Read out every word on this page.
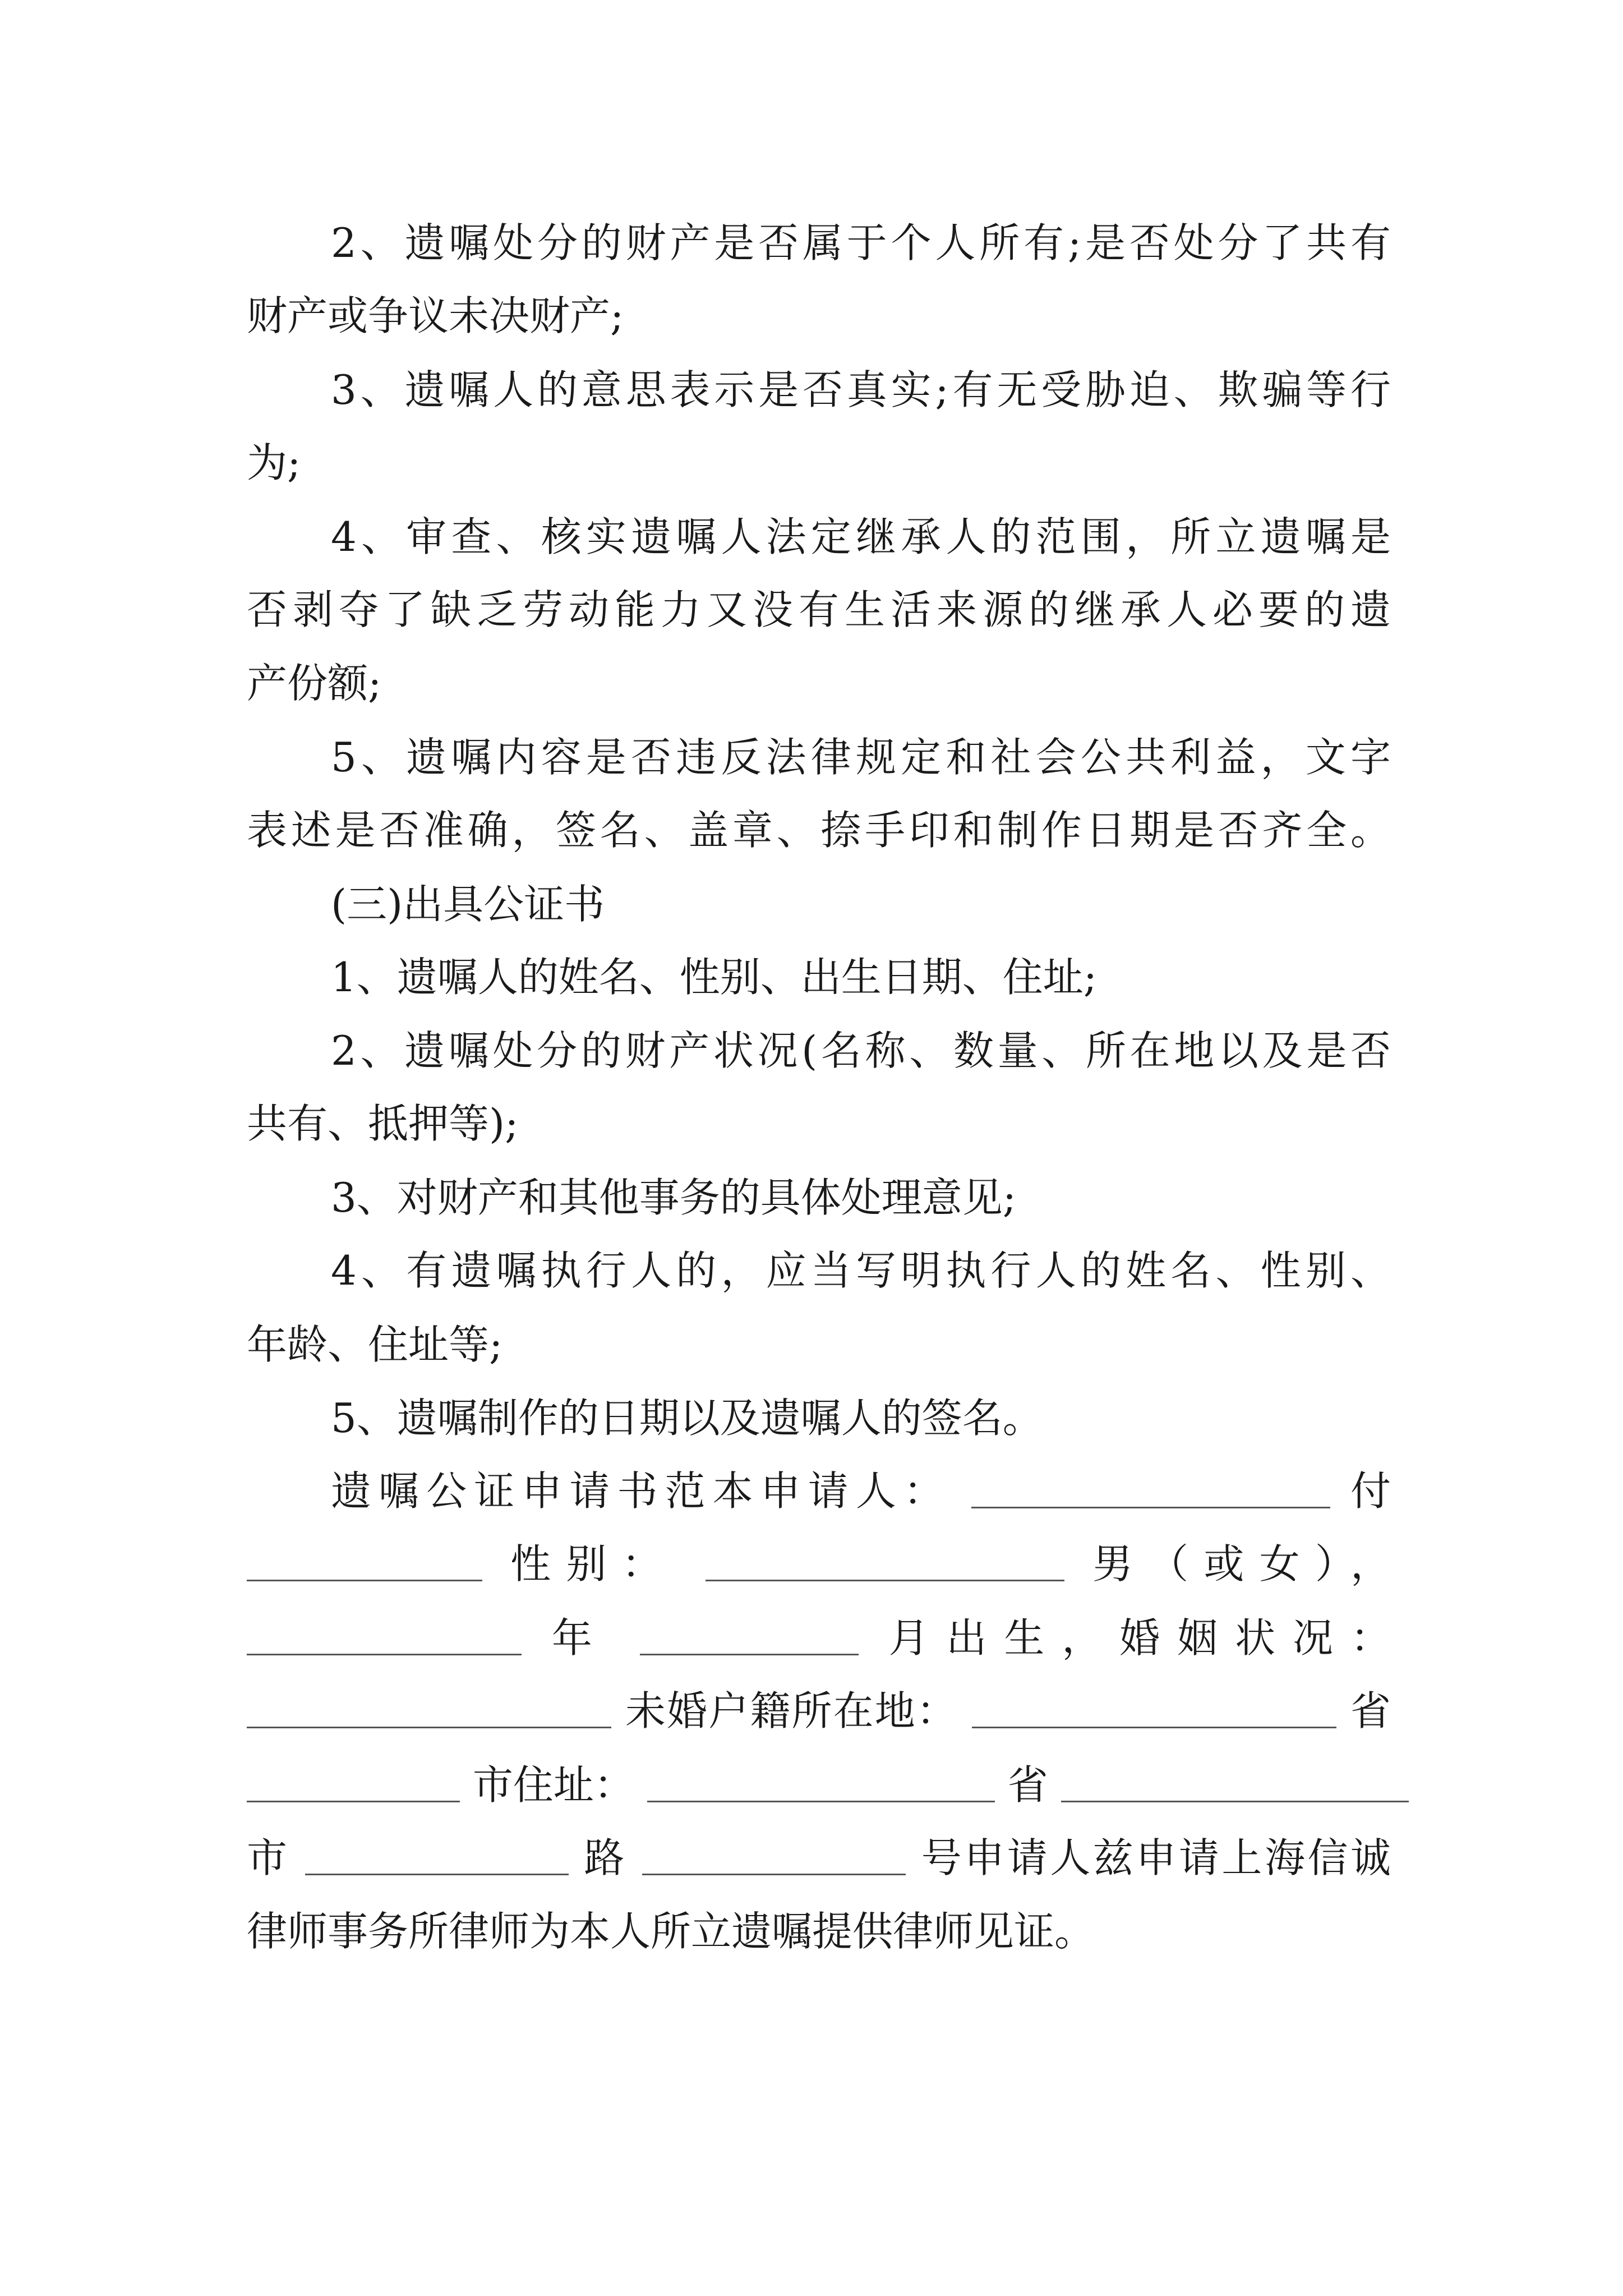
2、遗嘱处分的财产是否属于个人所有;是否处分了共有
财产或争议未决财产;
3、遗嘱人的意思表示是否真实;有无受胁迫、欺骗等行
为;
4、审查、核实遗嘱人法定继承人的范围，所立遗嘱是
否剥夺了缺乏劳动能力又没有生活来源的继承人必要的遗
产份额;
5、遗嘱内容是否违反法律规定和社会公共利益，文字
表述是否准确，签名、盖章、捺手印和制作日期是否齐全。
(三)出具公证书
1、遗嘱人的姓名、性别、出生日期、住址;
2、遗嘱处分的财产状况(名称、数量、所在地以及是否
共有、抵押等);
3、对财产和其他事务的具体处理意见;
4、有遗嘱执行人的，应当写明执行人的姓名、性别、
年龄、住址等;
5、遗嘱制作的日期以及遗嘱人的签名。
遗嘱公证申请书范本申请人：	付
性别：	男（或女），
年	月出生，婚姻状况：
未婚户籍所在地：	省
市住址：	省
市	路	号申请人兹申请上海信诚
律师事务所律师为本人所立遗嘱提供律师见证。
